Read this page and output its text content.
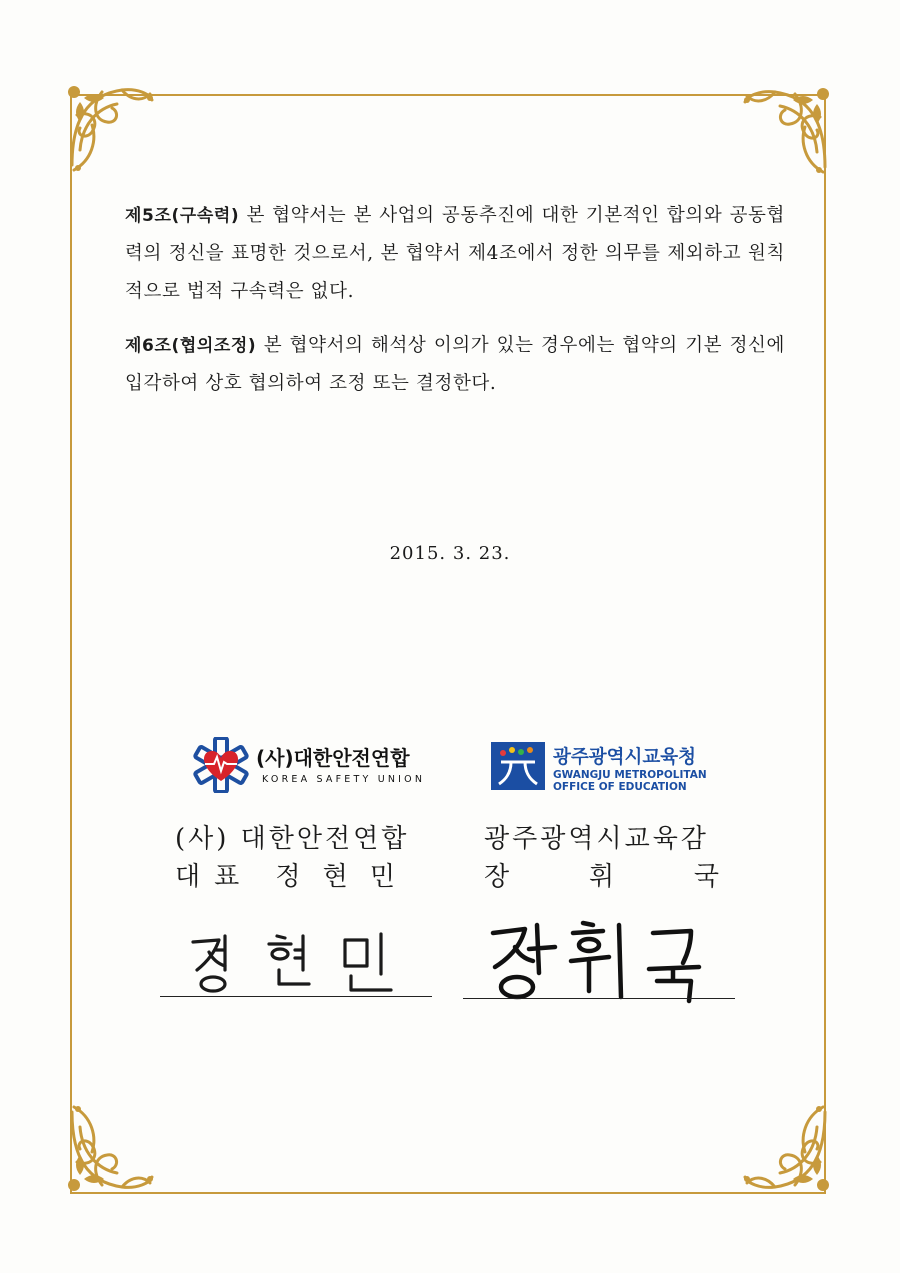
제5조(구속력) 본 협약서는 본 사업의 공동추진에 대한 기본적인 합의와 공동협력의 정신을 표명한 것으로서, 본 협약서 제4조에서 정한 의무를 제외하고 원칙적으로 법적 구속력은 없다.
제6조(협의조정) 본 협약서의 해석상 이의가 있는 경우에는 협약의 기본 정신에 입각하여 상호 협의하여 조정 또는 결정한다.
2015. 3. 23.
(사)대한안전연합
KOREA SAFETY UNION
광주광역시교육청
GWANGJU METROPOLITAN
OFFICE OF EDUCATION
(사) 대한안전연합
대표 정 현 민
광주광역시교육감
장	휘	국
